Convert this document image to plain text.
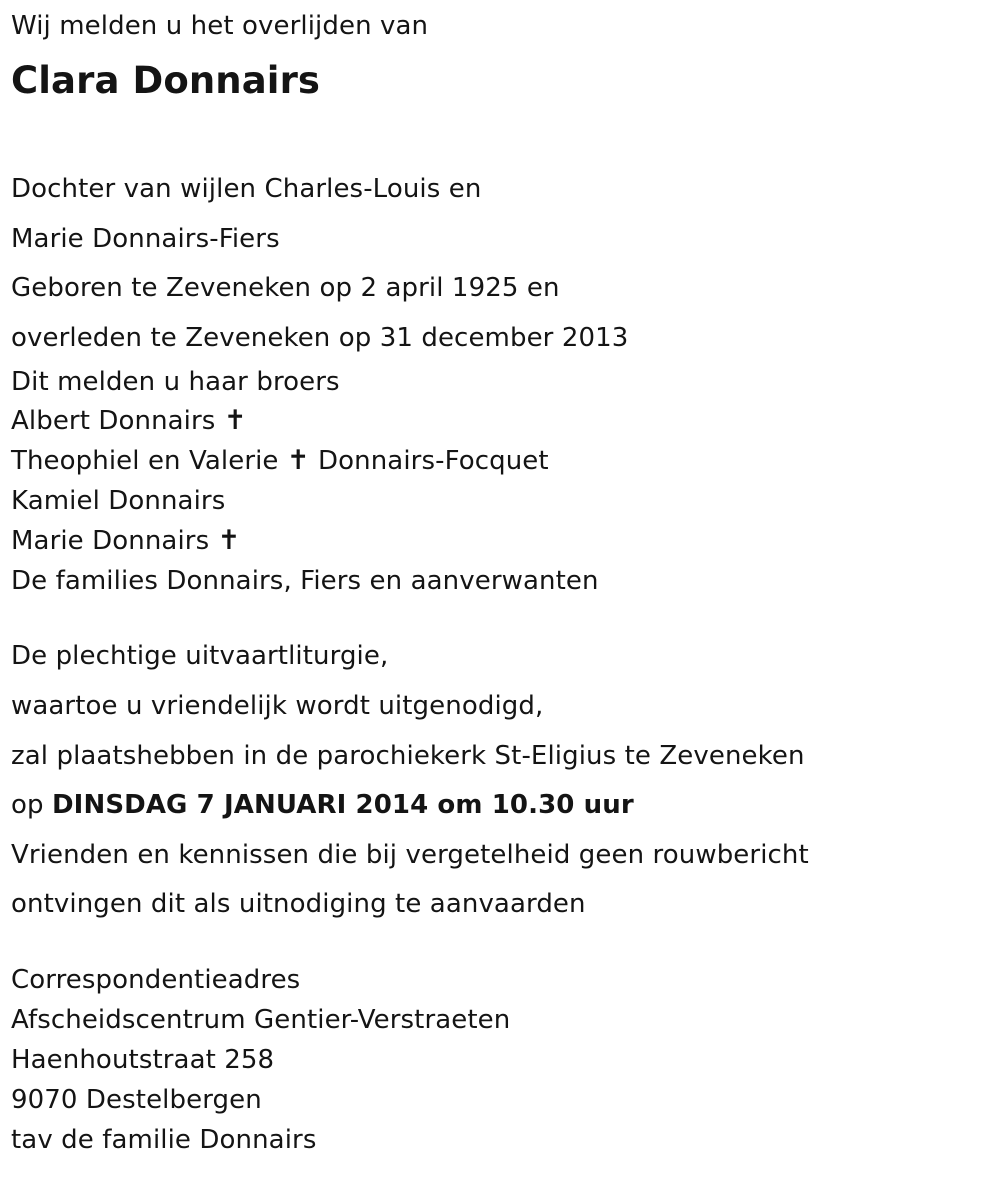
Wij melden u het overlijden van
Clara Donnairs
Dochter van wijlen Charles-Louis en
Marie Donnairs-Fiers
Geboren te Zeveneken op 2 april 1925 en
overleden te Zeveneken op 31 december 2013
Dit melden u haar broers
Albert Donnairs ✝
Theophiel en Valerie ✝ Donnairs-Focquet
Kamiel Donnairs
Marie Donnairs ✝
De families Donnairs, Fiers en aanverwanten
De plechtige uitvaartliturgie,
waartoe u vriendelijk wordt uitgenodigd,
zal plaatshebben in de parochiekerk St-Eligius te Zeveneken
op DINSDAG 7 JANUARI 2014 om 10.30 uur
Vrienden en kennissen die bij vergetelheid geen rouwbericht
ontvingen dit als uitnodiging te aanvaarden
Correspondentieadres
Afscheidscentrum Gentier-Verstraeten
Haenhoutstraat 258
9070 Destelbergen
tav de familie Donnairs
